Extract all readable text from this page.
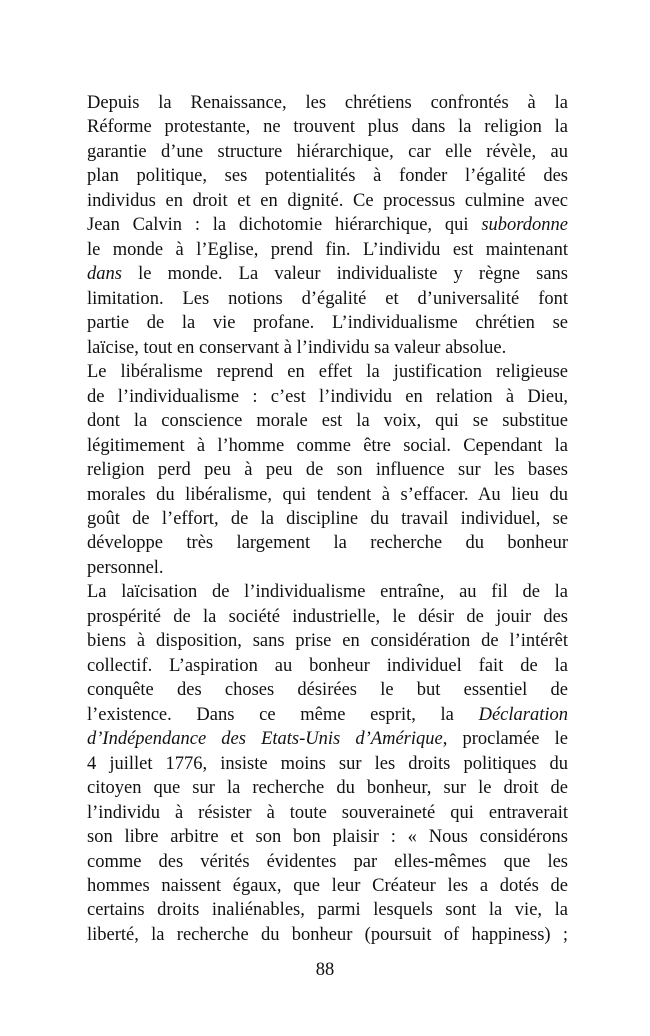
Depuis la Renaissance, les chrétiens confrontés à la
Réforme protestante, ne trouvent plus dans la religion la
garantie d’une structure hiérarchique, car elle révèle, au
plan politique, ses potentialités à fonder l’égalité des
individus en droit et en dignité. Ce processus culmine avec
Jean Calvin : la dichotomie hiérarchique, qui subordonne
le monde à l’Eglise, prend fin. L’individu est maintenant
dans le monde. La valeur individualiste y règne sans
limitation. Les notions d’égalité et d’universalité font
partie de la vie profane. L’individualisme chrétien se
laïcise, tout en conservant à l’individu sa valeur absolue.
Le libéralisme reprend en effet la justification religieuse
de l’individualisme : c’est l’individu en relation à Dieu,
dont la conscience morale est la voix, qui se substitue
légitimement à l’homme comme être social. Cependant la
religion perd peu à peu de son influence sur les bases
morales du libéralisme, qui tendent à s’effacer. Au lieu du
goût de l’effort, de la discipline du travail individuel, se
développe très largement la recherche du bonheur
personnel.
La laïcisation de l’individualisme entraîne, au fil de la
prospérité de la société industrielle, le désir de jouir des
biens à disposition, sans prise en considération de l’intérêt
collectif. L’aspiration au bonheur individuel fait de la
conquête des choses désirées le but essentiel de
l’existence. Dans ce même esprit, la Déclaration
d’Indépendance des Etats-Unis d’Amérique, proclamée le
4 juillet 1776, insiste moins sur les droits politiques du
citoyen que sur la recherche du bonheur, sur le droit de
l’individu à résister à toute souveraineté qui entraverait
son libre arbitre et son bon plaisir : « Nous considérons
comme des vérités évidentes par elles-mêmes que les
hommes naissent égaux, que leur Créateur les a dotés de
certains droits inaliénables, parmi lesquels sont la vie, la
liberté, la recherche du bonheur (poursuit of happiness) ;
88
